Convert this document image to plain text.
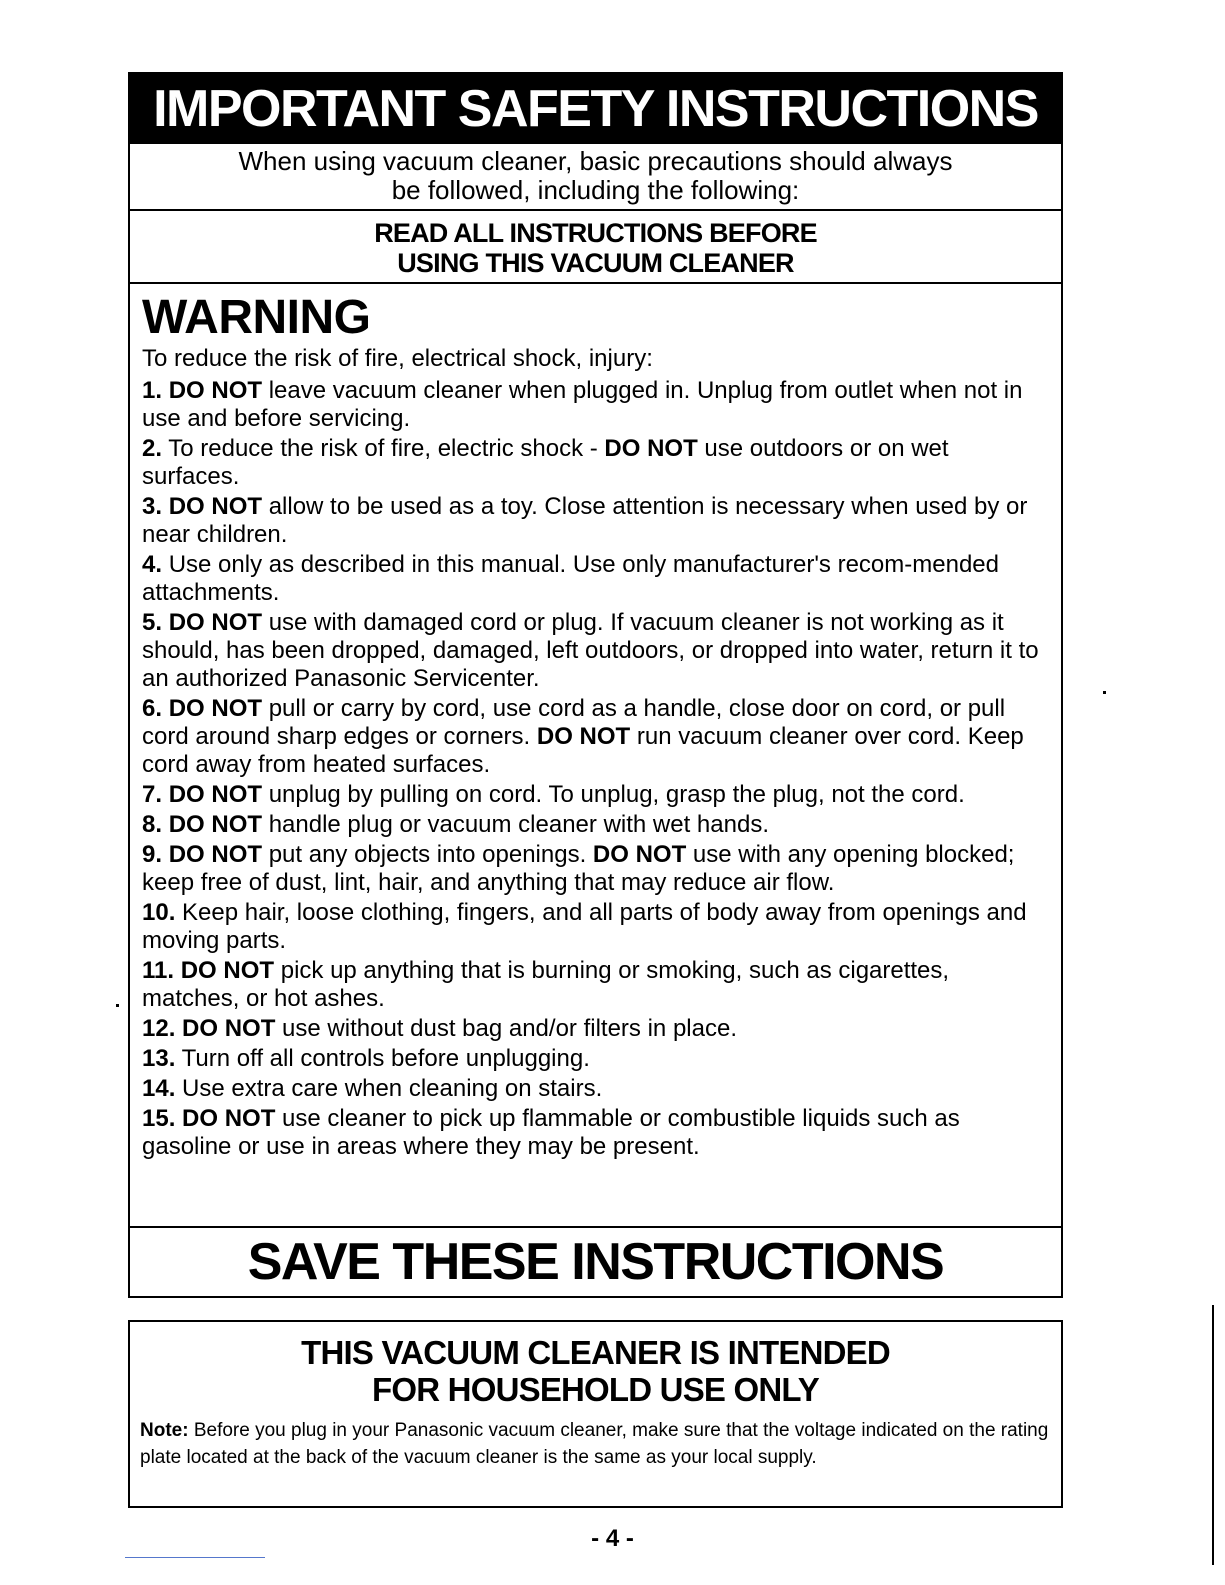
IMPORTANT SAFETY INSTRUCTIONS
When using vacuum cleaner, basic precautions should always
be followed, including the following:
READ ALL INSTRUCTIONS BEFORE
USING THIS VACUUM CLEANER
WARNING
To reduce the risk of fire, electrical shock, injury:
1. DO NOT leave vacuum cleaner when plugged in. Unplug from outlet when not in use and before servicing.
2. To reduce the risk of fire, electric shock - DO NOT use outdoors or on wet surfaces.
3. DO NOT allow to be used as a toy. Close attention is necessary when used by or near children.
4. Use only as described in this manual. Use only manufacturer's recom-mended attachments.
5. DO NOT use with damaged cord or plug. If vacuum cleaner is not working as it should, has been dropped, damaged, left outdoors, or dropped into water, return it to an authorized Panasonic Servicenter.
6. DO NOT pull or carry by cord, use cord as a handle, close door on cord, or pull cord around sharp edges or corners. DO NOT run vacuum cleaner over cord. Keep cord away from heated surfaces.
7. DO NOT unplug by pulling on cord. To unplug, grasp the plug, not the cord.
8. DO NOT handle plug or vacuum cleaner with wet hands.
9. DO NOT put any objects into openings. DO NOT use with any opening blocked; keep free of dust, lint, hair, and anything that may reduce air flow.
10. Keep hair, loose clothing, fingers, and all parts of body away from openings and moving parts.
11. DO NOT pick up anything that is burning or smoking, such as cigarettes, matches, or hot ashes.
12. DO NOT use without dust bag and/or filters in place.
13. Turn off all controls before unplugging.
14. Use extra care when cleaning on stairs.
15. DO NOT use cleaner to pick up flammable or combustible liquids such as gasoline or use in areas where they may be present.
SAVE THESE INSTRUCTIONS
THIS VACUUM CLEANER IS INTENDED
FOR HOUSEHOLD USE ONLY
Note: Before you plug in your Panasonic vacuum cleaner, make sure that the voltage indicated on the rating plate located at the back of the vacuum cleaner is the same as your local supply.
- 4 -
